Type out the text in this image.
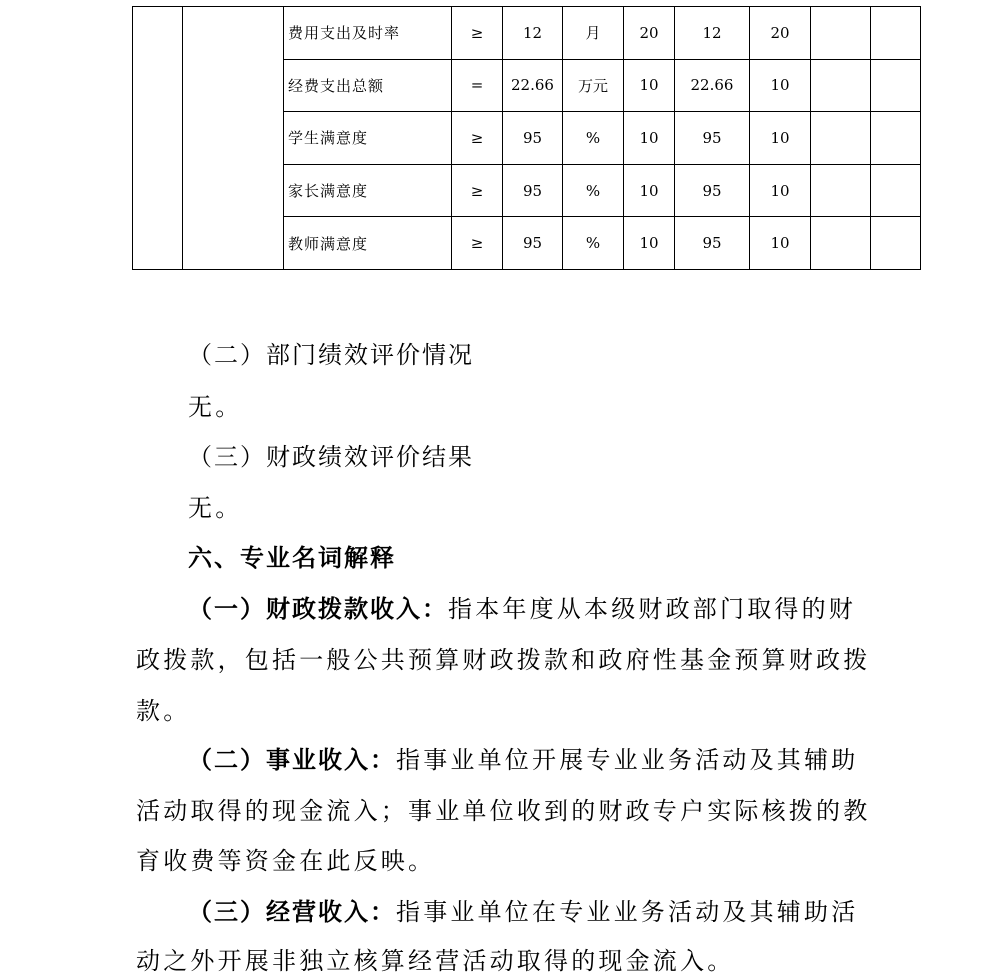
		费用支出及时率	≥	12	月	20	12	20		
		经费支出总额	=	22.66	万元	10	22.66	10		
		学生满意度	≥	95	%	10	95	10		
		家长满意度	≥	95	%	10	95	10		
		教师满意度	≥	95	%	10	95	10		
（二）部门绩效评价情况
无。
（三）财政绩效评价结果
无。
六、专业名词解释
（一）财政拨款收入：指本年度从本级财政部门取得的财
政拨款，包括一般公共预算财政拨款和政府性基金预算财政拨
款。
（二）事业收入：指事业单位开展专业业务活动及其辅助
活动取得的现金流入；事业单位收到的财政专户实际核拨的教
育收费等资金在此反映。
（三）经营收入：指事业单位在专业业务活动及其辅助活
动之外开展非独立核算经营活动取得的现金流入。
